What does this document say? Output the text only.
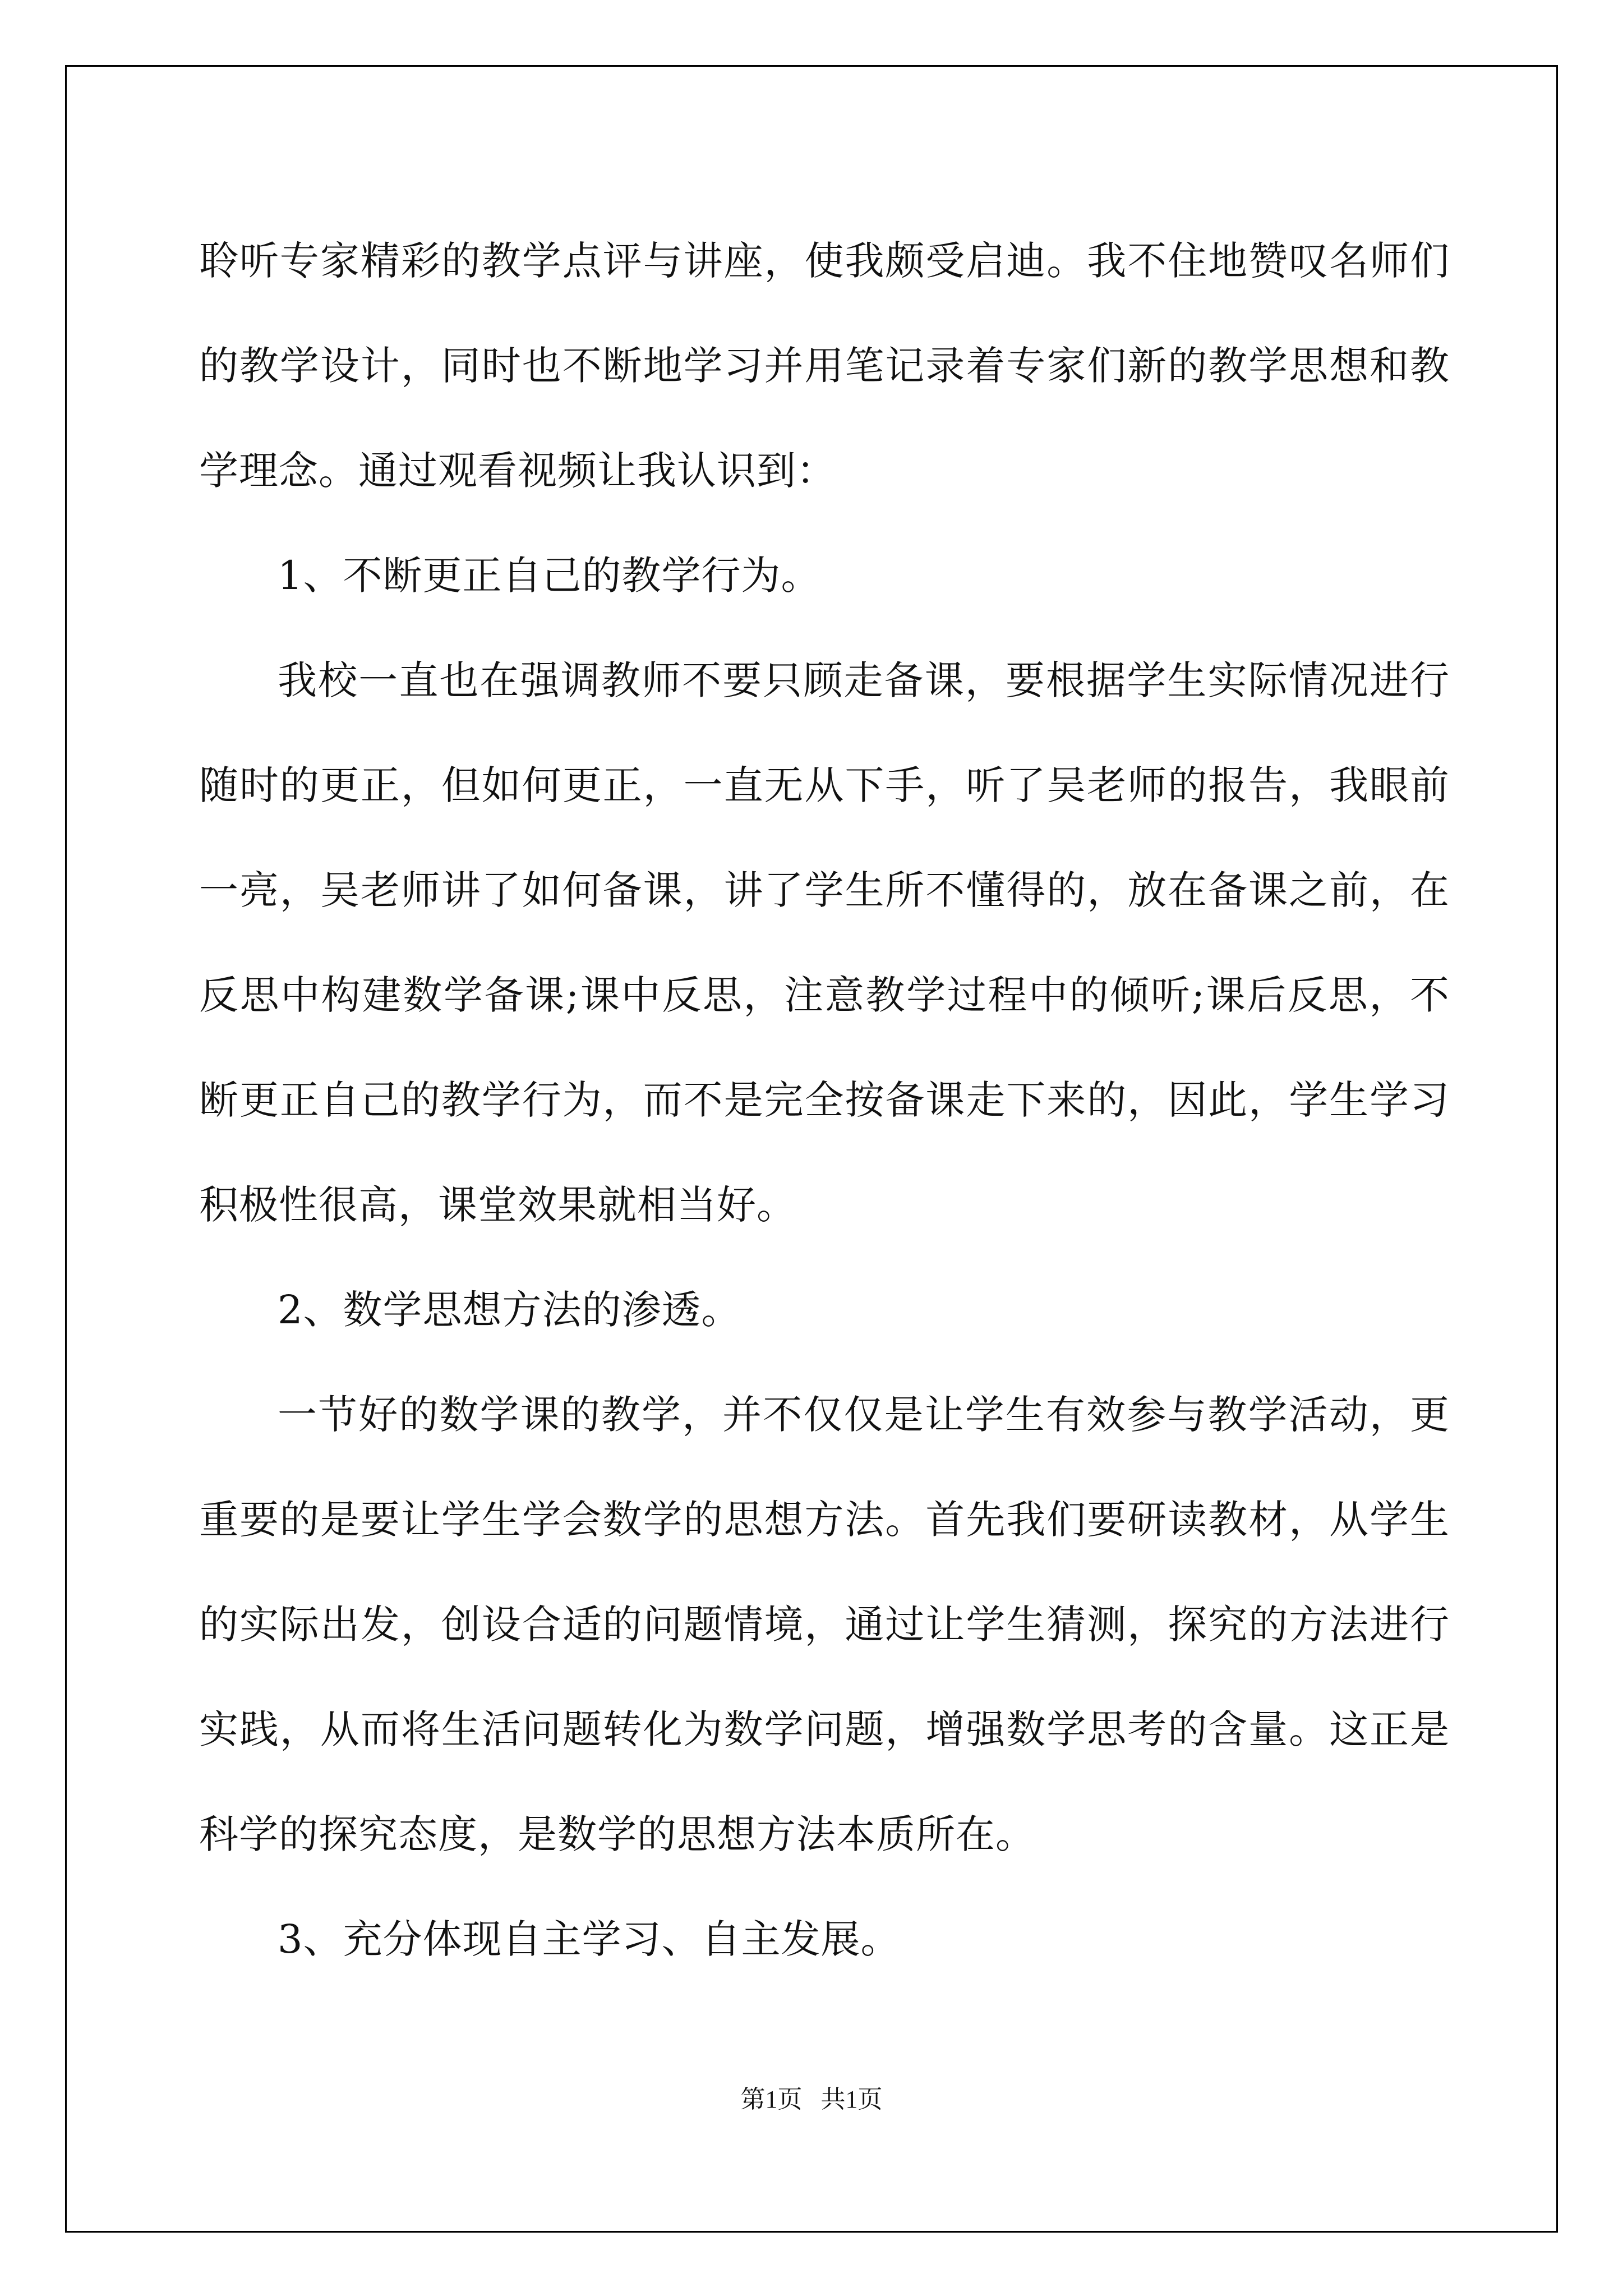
聆听专家精彩的教学点评与讲座，使我颇受启迪。我不住地赞叹名师们的教学设计，同时也不断地学习并用笔记录着专家们新的教学思想和教学理念。通过观看视频让我认识到：

1、不断更正自己的教学行为。

我校一直也在强调教师不要只顾走备课，要根据学生实际情况进行随时的更正，但如何更正，一直无从下手，听了吴老师的报告，我眼前一亮，吴老师讲了如何备课，讲了学生所不懂得的，放在备课之前，在反思中构建数学备课;课中反思，注意教学过程中的倾听;课后反思，不断更正自己的教学行为，而不是完全按备课走下来的，因此，学生学习积极性很高，课堂效果就相当好。

2、数学思想方法的渗透。

一节好的数学课的教学，并不仅仅是让学生有效参与教学活动，更重要的是要让学生学会数学的思想方法。首先我们要研读教材，从学生的实际出发，创设合适的问题情境，通过让学生猜测，探究的方法进行实践，从而将生活问题转化为数学问题，增强数学思考的含量。这正是科学的探究态度，是数学的思想方法本质所在。

3、充分体现自主学习、自主发展。

第1页 共1页
